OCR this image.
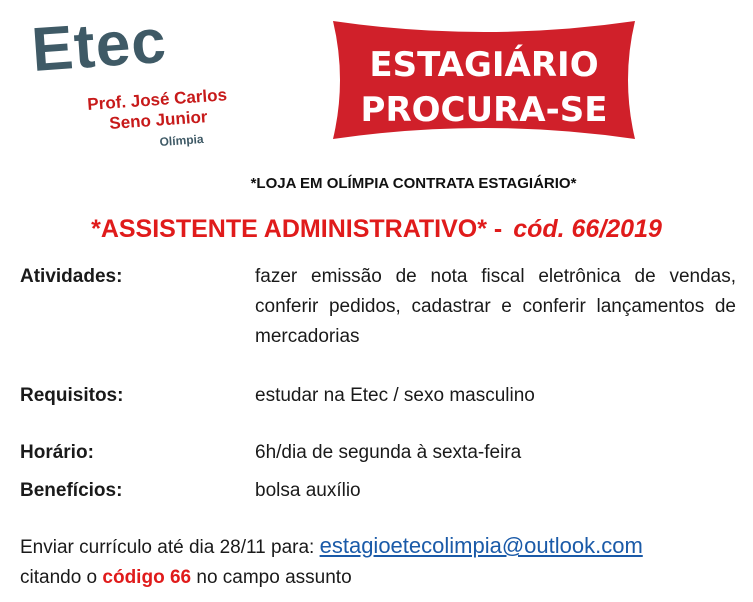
Etec
Prof. José Carlos
Seno Junior
Olímpia
ESTAGIÁRIO
PROCURA-SE
*LOJA EM OLÍMPIA CONTRATA ESTAGIÁRIO*
*ASSISTENTE ADMINISTRATIVO* - cód. 66/2019
Atividades:	fazer emissão de nota fiscal eletrônica de vendas, conferir pedidos, cadastrar e conferir lançamentos de mercadorias
Requisitos:	estudar na Etec / sexo masculino
Horário:	6h/dia de segunda à sexta-feira
Benefícios:	bolsa auxílio
Enviar currículo até dia 28/11 para: estagioetecolimpia@outlook.com
citando o código 66 no campo assunto
